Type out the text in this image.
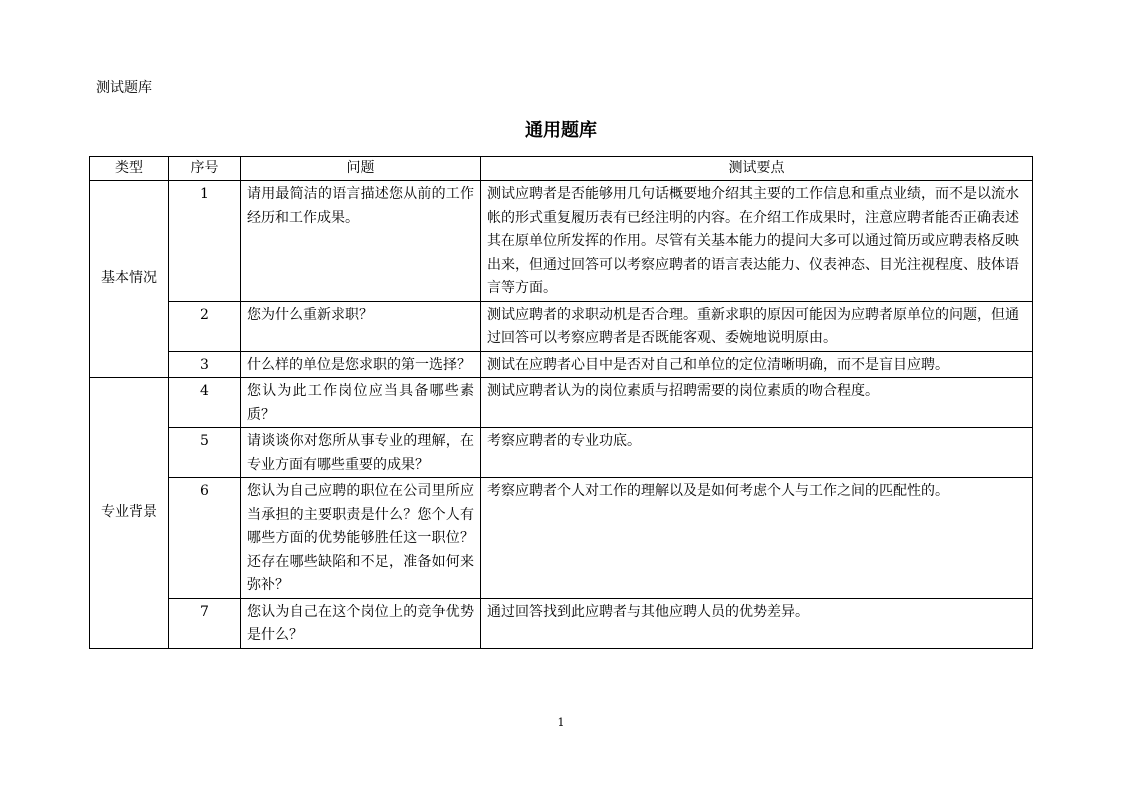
测试题库
通用题库
类型	序号	问题	测试要点
基本情况	1	请用最简洁的语言描述您从前的工作经历和工作成果。	测试应聘者是否能够用几句话概要地介绍其主要的工作信息和重点业绩，而不是以流水帐的形式重复履历表有已经注明的内容。在介绍工作成果时，注意应聘者能否正确表述其在原单位所发挥的作用。尽管有关基本能力的提问大多可以通过简历或应聘表格反映出来，但通过回答可以考察应聘者的语言表达能力、仪表神态、目光注视程度、肢体语言等方面。
	2	您为什么重新求职？	测试应聘者的求职动机是否合理。重新求职的原因可能因为应聘者原单位的问题，但通过回答可以考察应聘者是否既能客观、委婉地说明原由。
	3	什么样的单位是您求职的第一选择？	测试在应聘者心目中是否对自己和单位的定位清晰明确，而不是盲目应聘。
专业背景	4	您认为此工作岗位应当具备哪些素质？	测试应聘者认为的岗位素质与招聘需要的岗位素质的吻合程度。
	5	请谈谈你对您所从事专业的理解，在专业方面有哪些重要的成果？	考察应聘者的专业功底。
	6	您认为自己应聘的职位在公司里所应当承担的主要职责是什么？您个人有哪些方面的优势能够胜任这一职位？还存在哪些缺陷和不足，准备如何来弥补？	考察应聘者个人对工作的理解以及是如何考虑个人与工作之间的匹配性的。
	7	您认为自己在这个岗位上的竞争优势是什么？	通过回答找到此应聘者与其他应聘人员的优势差异。
1
